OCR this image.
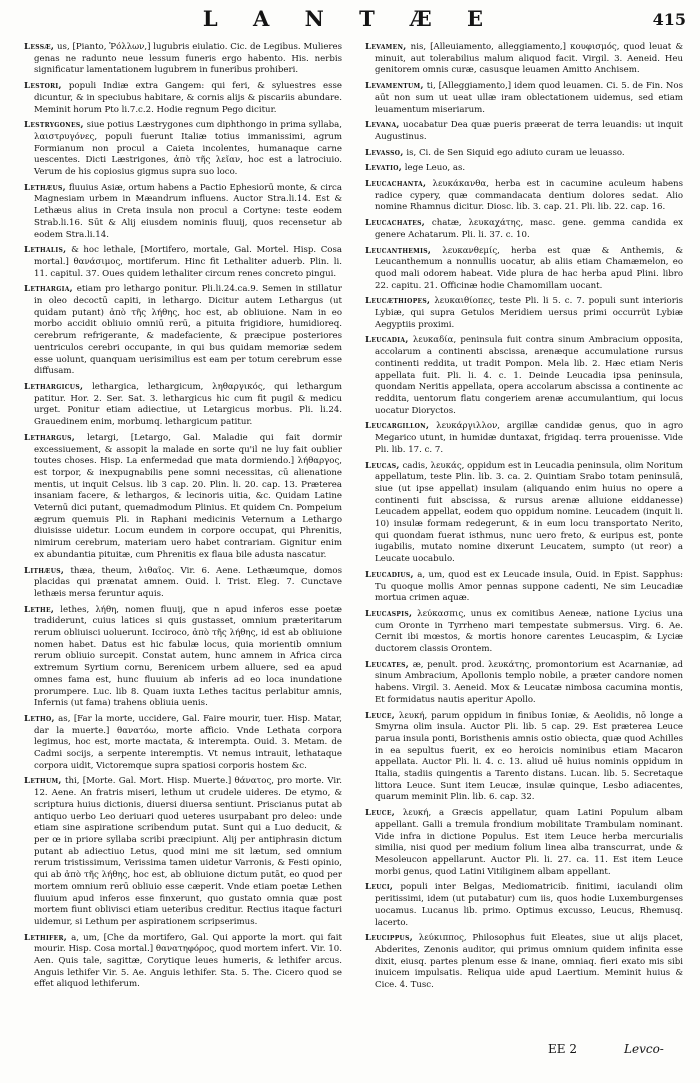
L A N T Æ E	415

Lessæ, us, [Pianto, Ῥόλλων,] lugubris eiulatio. Cic. de Legibus. Mulieres genas ne radunto neue lessum funeris ergo habento. His. nerbis significatur lamentationem lugubrem in funeribus prohiberi.

Lestori, populi Indiæ extra Gangem: qui feri, & syluestres esse dicuntur, & in speciubus habitare, & cornis alijs & piscariis abundare. Meminit horum Pto li.7.c.2. Hodie regnum Pego dicitur.

Lestrygones, siue potius Læstrygones cum diphthongo in prima syllaba, λαιστρυγόνες, populi fuerunt Italiæ totius immanissimi, agrum Formianum non procul a Caieta incolentes, humanaque carne uescentes. Dicti Læstrigones, ἀπὸ τῆς λεῖαν, hoc est a latrociuio. Verum de his copiosius gigmus supra suo loco.

Lethæus, fluuius Asiæ, ortum habens a Pactio Ephesiorū monte, & circa Magnesiam urbem in Mæandrum influens. Auctor Stra.li.14. Est & Lethæus alius in Creta insula non procul a Cortyne: teste eodem Strab.li.16. Sūt & Alij eiusdem nominis fluuij, quos recensetur ab eodem Stra.li.14.

Lethalis, & hoc lethale, [Mortifero, mortale, Gal. Mortel. Hisp. Cosa mortal.] θανάσιμος, mortiferum. Hinc fit Lethaliter aduerb. Plin. li. 11. capitul. 37. Oues quidem lethaliter circum renes concreto pingui.

Lethargia, etiam pro lethargo ponitur. Pli.li.24.ca.9. Semen in stillatur in oleo decoctū capiti, in lethargo. Dicitur autem Lethargus (ut quidam putant) ἀπὸ τῆς λήθης, hoc est, ab obliuione. Nam in eo morbo accidit obliuio omniū rerū, a pituita frigidiore, humidioreq. cerebrum refrigerante, & madefaciente, & præcipue posteriores uentriculos cerebri occupante, in qui bus quidam memoriæ sedem esse uolunt, quanquam uerisimilius est eam per totum cerebrum esse diffusam.

Lethargicus, lethargica, lethargicum, ληθαργικός, qui lethargum patitur. Hor. 2. Ser. Sat. 3. lethargicus hic cum fit pugil & medicu urget. Ponitur etiam adiectiue, ut Letargicus morbus. Pli. li.24. Grauedinem enim, morbumq. lethargicum patitur.

Lethargus, letargi, [Letargo, Gal. Maladie qui fait dormir excessiuement, & assopit la malade en sorte qu'il ne luy fait oublier toutes choses. Hisp. La enfermedad que mata dormiendo.] λήθαργος, est torpor, & inexpugnabilis pene somni necessitas, cū alienatione mentis, ut inquit Celsus. lib 3 cap. 20. Plin. li. 20. cap. 13. Præterea insaniam facere, & lethargos, & lecinoris uitia, &c. Quidam Latine Veternū dici putant, quemadmodum Plinius. Et quidem Cn. Pompeium ægrum quemuis Pli. in Raphani medicinis Veternum a Lethargo diuisisse uidetur. Locum eundem in corpore occupat, qui Phrenitis, nimirum cerebrum, materiam uero habet contrariam. Gignitur enim ex abundantia pituitæ, cum Phrenitis ex flaua bile adusta nascatur.

Lithæus, thæa, theum, λιθαῖος. Vir. 6. Aene. Lethæumque, domos placidas qui prænatat amnem. Ouid. l. Trist. Eleg. 7. Cunctave lethæis mersa feruntur aquis.

Lethe, lethes, λήθη, nomen fluuij, que n apud inferos esse poetæ tradiderunt, cuius latices si quis gustasset, omnium præteritarum rerum obliuisci uoluerunt. Icciroco, ἀπὸ τῆς λήθης, id est ab obliuione nomen habet. Datus est hic fabulæ locus, quia morientib omnium rerum obliuio surcepit. Constat autem, hunc amnem in Africa circa extremum Syrtium cornu, Berenicem urbem alluere, sed ea apud omnes fama est, hunc fluuium ab inferis ad eo loca inundatione prorumpere. Luc. lib 8. Quam iuxta Lethes tacitus perlabitur amnis, Infernis (ut fama) trahens obliuia uenis.

Letho, as, [Far la morte, uccidere, Gal. Faire mourir, tuer. Hisp. Matar, dar la muerte.] θανατόω, morte afficio. Vnde Lethata corpora legimus, hoc est, morte mactata, & interempta. Ouid. 3. Metam. de Cadmi socijs, a serpente interemptis. Vt nemus intrauit, lethataque corpora uidit, Victoremque supra spatiosi corporis hostem &c.

Lethum, thi, [Morte. Gal. Mort. Hisp. Muerte.] θάνατος, pro morte. Vir. 12. Aene. An fratris miseri, lethum ut crudele uideres. De etymo, & scriptura huius dictionis, diuersi diuersa sentiunt. Priscianus putat ab antiquo uerbo Leo deriuari quod ueteres usurpabant pro deleo: unde etiam sine aspiratione scribendum putat. Sunt qui a Luo deducit, & per œ in priore syllaba scribi præcipiunt. Alij per antiphrasin dictum putant ab adiectiuo Letus, quod mini me sit lætum, sed omnium rerum tristissimum, Verissima tamen uidetur Varronis, & Festi opinio, qui ab ἀπὸ τῆς λήθης, hoc est, ab obliuione dictum putāt, eo quod per mortem omnium rerū obliuio esse cæperit. Vnde etiam poetæ Lethen fluuium apud inferos esse finxerunt, quo gustato omnia quæ post mortem fiunt oblivisci etiam ueteribus creditur. Rectius itaque facturi uidemur, si Lethum per aspirationem scripserimus.

Lethifer, a, um, [Che da mortifero, Gal. Qui apporte la mort. qui fait mourir. Hisp. Cosa mortal.] θανατηφόρος, quod mortem infert. Vir. 10. Aen. Quis tale, sagittæ, Corytique leues humeris, & lethifer arcus. Anguis lethifer Vir. 5. Ae. Anguis lethifer. Sta. 5. The. Cicero quod se effet aliquod lethiferum.

Levamen, nis, [Alleuiamento, alleggiamento,] κουφισμός, quod leuat & minuit, aut tolerabilius malum aliquod facit. Virgil. 3. Aeneid. Heu genitorem omnis curæ, casusque leuamen Amitto Anchisem.

Levamentum, ti, [Alleggiamento,] idem quod leuamen. Ci. 5. de Fin. Nos aūt non sum ut ueat ullæ iram oblectationem uidemus, sed etiam leuamentum miseriarum.

Levana, uocabatur Dea quæ pueris præerat de terra leuandis: ut inquit Augustinus.

Levasso, is, Ci. de Sen Siquid ego adiuto curam ue leuasso.

Levatio, lege Leuo, as.

Leucachanta, λευκάκανθα, herba est in cacumine aculeum habens radice cypery, quæ commandacata dentium dolores sedat. Alio nomine Rhamnus dicitur. Diosc. lib. 3. cap. 21. Pli. lib. 22. cap. 16.

Leucachates, chatæ, λευκαχάτης, masc. gene. gemma candida ex genere Achatarum. Pli. li. 37. c. 10.

Leucanthemis, λευκανθεμίς, herba est quæ & Anthemis, & Leucanthemum a nonnullis uocatur, ab aliis etiam Chamæmelon, eo quod mali odorem habeat. Vide plura de hac herba apud Plini. libro 22. capitu. 21. Officinæ hodie Chamomillam uocant.

Leucæthiopes, λευκαιθίοπες, teste Pli. li 5. c. 7. populi sunt interioris Lybiæ, qui supra Getulos Meridiem uersus primi occurrüt Lybiæ Aegyptiis proximi.

Leucadia, λευκαδία, peninsula fuit contra sinum Ambracium opposita, accolarum a continenti abscissa, arenæque accumulatione rursus continenti reddita, ut tradit Pompon. Mela lib. 2. Hæc etiam Neris appellata fuit. Pli. li. 4. c. 1. Deinde Leucadia ipsa peninsula, quondam Neritis appellata, opera accolarum abscissa a continente ac reddita, uentorum flatu congeriem arenæ accumulantium, qui locus uocatur Dioryctos.

Leucargillon, λευκάργιλλον, argillæ candidæ genus, quo in agro Megarico utunt, in humidæ duntaxat, frigidaq. terra prouenisse. Vide Pli. lib. 17. c. 7.

Leucas, cadis, λευκάς, oppidum est in Leucadia peninsula, olim Noritum appellatum, teste Plin. lib. 3. ca. 2. Quintiam Srabo totam peninsulā, siue (ut ipse appellat) insulam (aliquando enim huius no opere a continenti fuit abscissa, & rursus arenæ alluione eiddanesse) Leucadem appellat, eodem quo oppidum nomine. Leucadem (inquit li. 10) insulæ formam redegerunt, & in eum locu transportato Nerito, qui quondam fuerat isthmus, nunc uero freto, & euripus est, ponte iugabilis, mutato nomine dixerunt Leucatem, sumpto (ut reor) a Leucate uocabulo.

Leucadius, a, um, quod est ex Leucade insula, Ouid. in Epist. Sapphus: Tu quoque mollis Amor pennas suppone cadenti, Ne sim Leucadiæ mortua crimen aquæ.

Leucaspis, λεύκασπις, unus ex comitibus Aeneæ, natione Lycius una cum Oronte in Tyrrheno mari tempestate submersus. Virg. 6. Ae. Cernit ibi mœstos, & mortis honore carentes Leucaspim, & Lyciæ ductorem classis Orontem.

Leucates, æ, penult. prod. λευκάτης, promontorium est Acarnaniæ, ad sinum Ambracium, Apollonis templo nobile, a præter candore nomen habens. Virgil. 3. Aeneid. Mox & Leucatæ nimbosa cacumina montis, Et formidatus nautis aperitur Apollo.

Leuce, λευκή, parum oppidum in finibus Ioniæ, & Aeolidis, nō longe a Smyrna olim insula. Auctor Pli. lib. 5 cap. 29. Est præterea Leuce parua insula ponti, Boristhenis amnis ostio obiecta, quæ quod Achilles in ea sepultus fuerit, ex eo heroicis nominibus etiam Macaron appellata. Auctor Pli. li. 4. c. 13. aliud uē huius nominis oppidum in Italia, stadiis quingentis a Tarento distans. Lucan. lib. 5. Secretaque littora Leuce. Sunt item Leucæ, insulæ quinque, Lesbo adiacentes, quarum meminit Plin. lib. 6. cap. 32.

Leuce, λευκή, a Græcis appellatur, quam Latini Populum albam appellant. Galli a tremula frondium mobilitate Trambulam nominant. Vide infra in dictione Populus. Est item Leuce herba mercurialis similia, nisi quod per medium folium linea alba transcurrat, unde & Mesoleucon appellarunt. Auctor Pli. li. 27. ca. 11. Est item Leuce morbi genus, quod Latini Vitiliginem albam appellant.

Leuci, populi inter Belgas, Mediomatricib. finitimi, iaculandi olim peritissimi, idem (ut putabatur) cum iis, quos hodie Luxemburgenses uocamus. Lucanus lib. primo. Optimus excusso, Leucus, Rhemusq. lacerto.

Leucippus, λεύκιππος, Philosophus fuit Eleates, siue ut alijs placet, Abderites, Zenonis auditor, qui primus omnium quidem infinita esse dixit, eiusq. partes plenum esse & inane, omniaq. fieri exato mis sibi inuicem impulsatis. Reliqua uide apud Laertium. Meminit huius & Cice. 4. Tusc.

EE 2	Levco-
